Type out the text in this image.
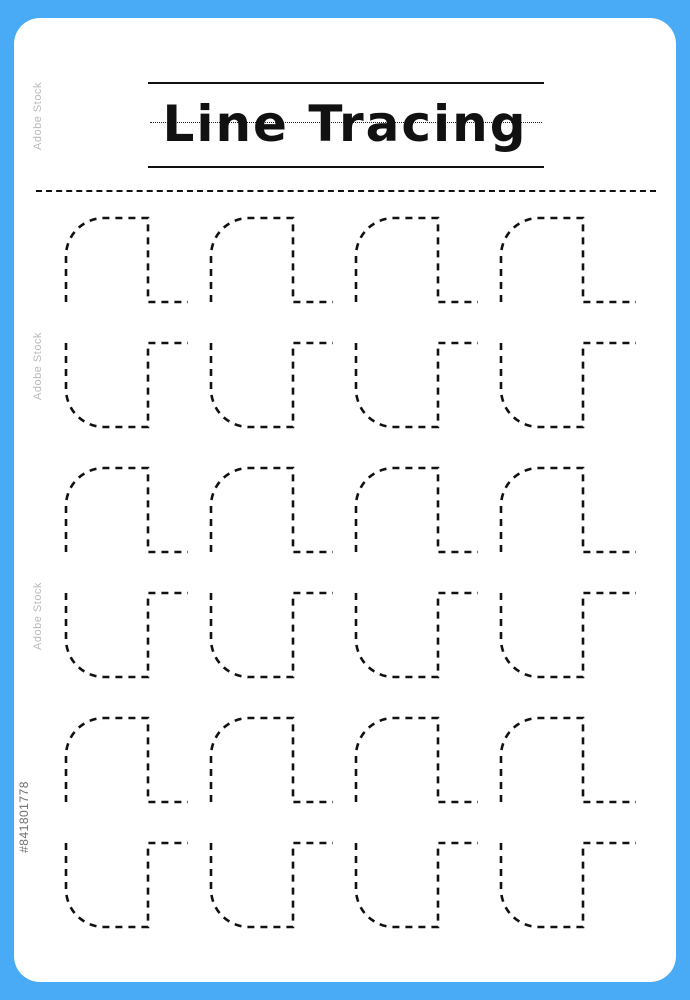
Line Tracing
Adobe Stock
Adobe Stock
Adobe Stock
#841801778
